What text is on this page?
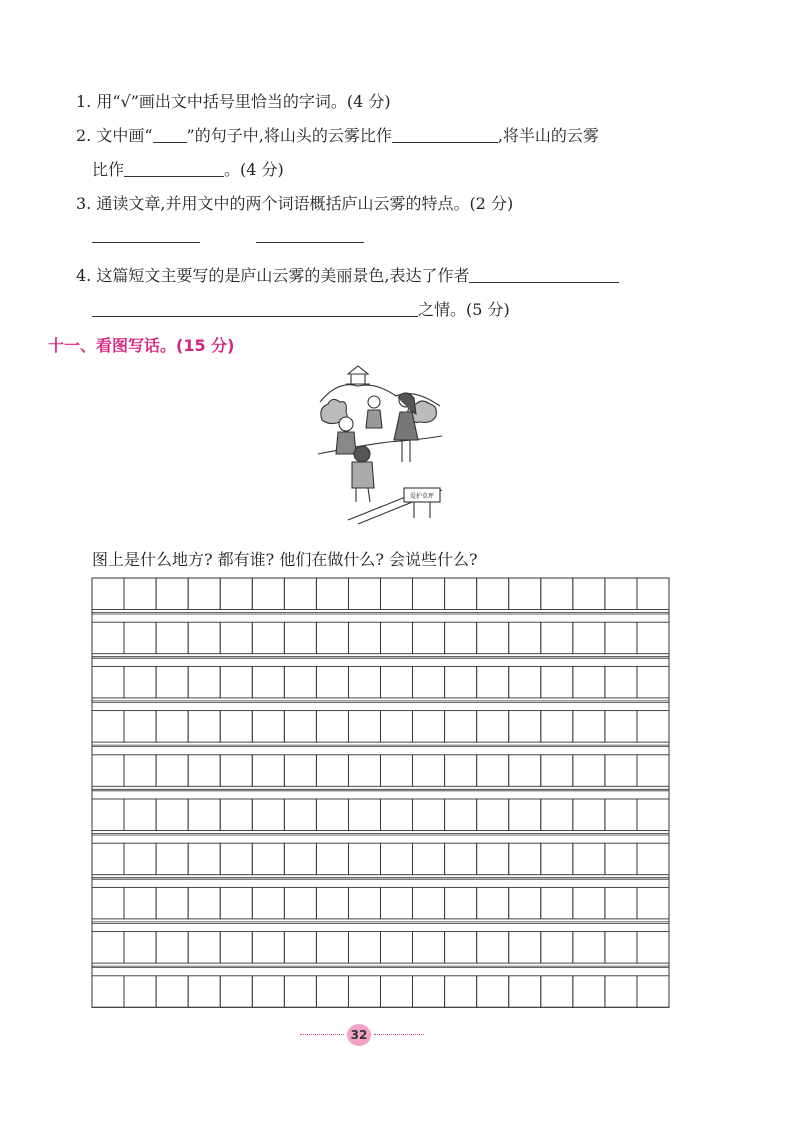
1. 用“√”画出文中括号里恰当的字词。(4 分)
2. 文中画“ ”的句子中,将山头的云雾比作	,将半山的云雾
比作	。(4 分)
3. 通读文章,并用文中的两个词语概括庐山云雾的特点。(2 分)
4. 这篇短文主要写的是庐山云雾的美丽景色,表达了作者
之情。(5 分)
十一、看图写话。(15 分)
爱护草坪
图上是什么地方? 都有谁? 他们在做什么? 会说些什么?
32
